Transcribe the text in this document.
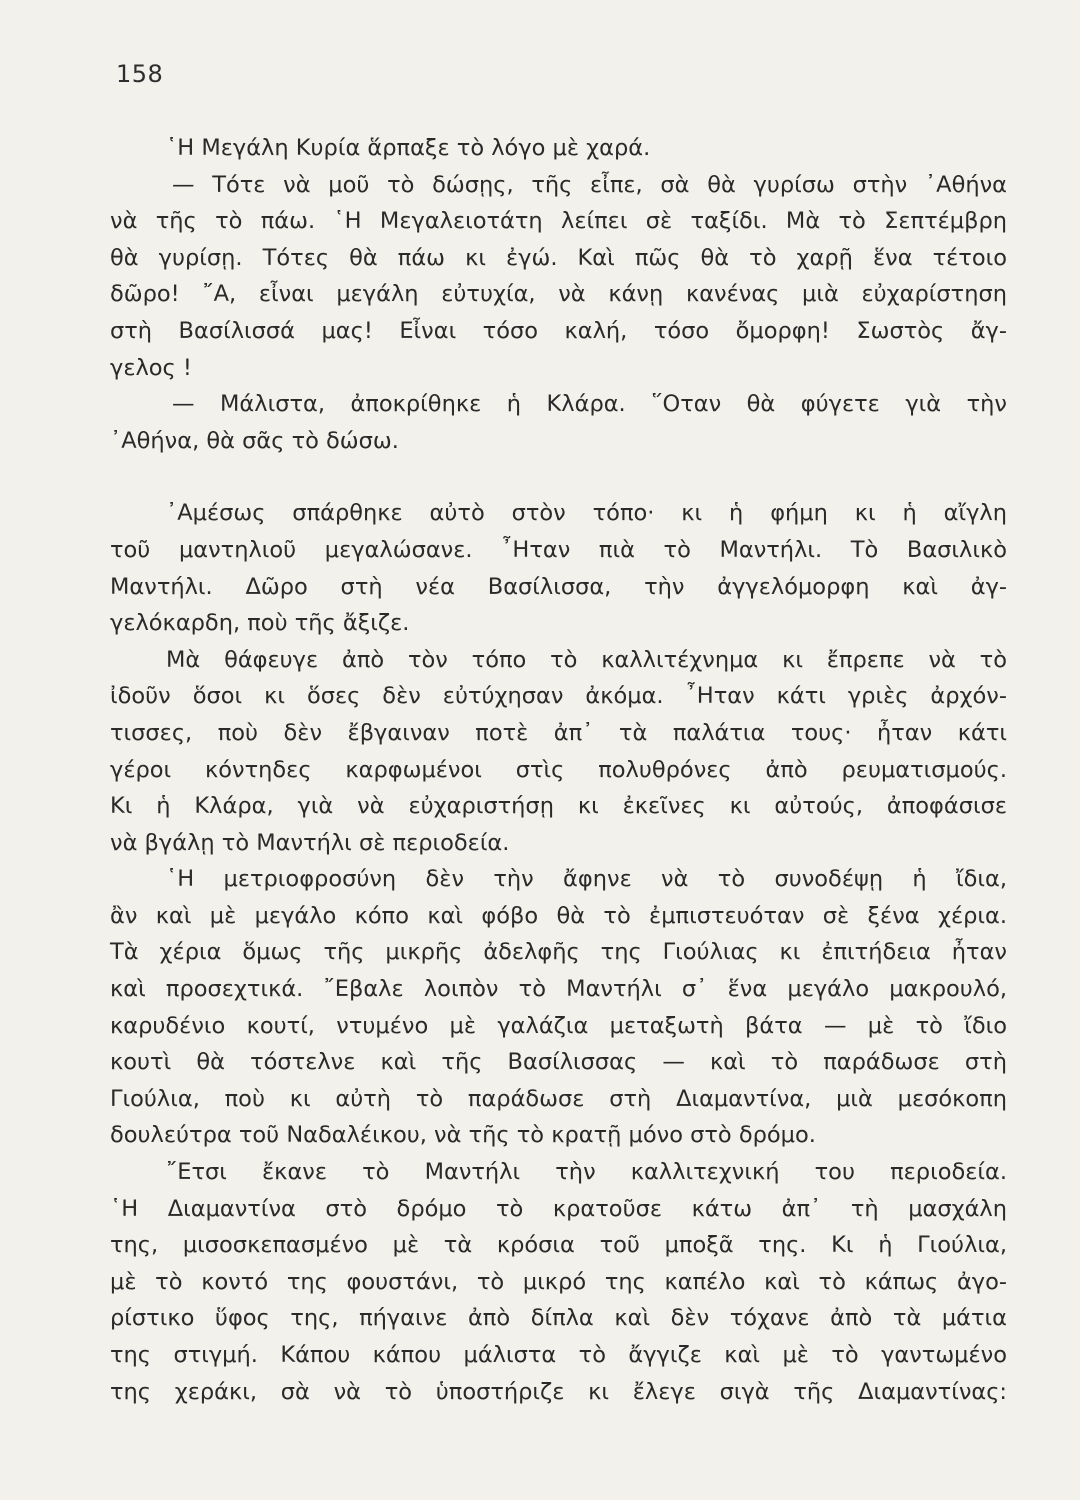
158
῾Η Μεγάλη Κυρία ἅρπαξε τὸ λόγο μὲ χαρά.
— Τότε νὰ μοῦ τὸ δώσῃς, τῆς εἶπε, σὰ θὰ γυρίσω στὴν ᾿Αθήνα
νὰ τῆς τὸ πάω. ῾Η Μεγαλειοτάτη λείπει σὲ ταξίδι. Μὰ τὸ Σεπτέμβρη
θὰ γυρίσῃ. Τότες θὰ πάω κι ἐγώ. Καὶ πῶς θὰ τὸ χαρῇ ἕνα τέτοιο
δῶρο! ῎Α, εἶναι μεγάλη εὐτυχία, νὰ κάνῃ κανένας μιὰ εὐχαρίστηση
στὴ Βασίλισσά μας! Εἶναι τόσο καλή, τόσο ὄμορφη! Σωστὸς ἄγ-
γελος !
— Μάλιστα, ἀποκρίθηκε ἡ Κλάρα. ῞Οταν θὰ φύγετε γιὰ τὴν
᾿Αθήνα, θὰ σᾶς τὸ δώσω.
᾿Αμέσως σπάρθηκε αὐτὸ στὸν τόπο· κι ἡ φήμη κι ἡ αἴγλη
τοῦ μαντηλιοῦ μεγαλώσανε. ῏Ηταν πιὰ τὸ Μαντήλι. Τὸ Βασιλικὸ
Μαντήλι. Δῶρο στὴ νέα Βασίλισσα, τὴν ἀγγελόμορφη καὶ ἀγ-
γελόκαρδη, ποὺ τῆς ἄξιζε.
Μὰ θάφευγε ἀπὸ τὸν τόπο τὸ καλλιτέχνημα κι ἔπρεπε νὰ τὸ
ἰδοῦν ὅσοι κι ὅσες δὲν εὐτύχησαν ἀκόμα. ῏Ηταν κάτι γριὲς ἀρχόν-
τισσες, ποὺ δὲν ἔβγαιναν ποτὲ ἀπ᾿ τὰ παλάτια τους· ἦταν κάτι
γέροι κόντηδες καρφωμένοι στὶς πολυθρόνες ἀπὸ ρευματισμούς.
Κι ἡ Κλάρα, γιὰ νὰ εὐχαριστήσῃ κι ἐκεῖνες κι αὐτούς, ἀποφάσισε
νὰ βγάλῃ τὸ Μαντήλι σὲ περιοδεία.
῾Η μετριοφροσύνη δὲν τὴν ἄφηνε νὰ τὸ συνοδέψῃ ἡ ἴδια,
ἂν καὶ μὲ μεγάλο κόπο καὶ φόβο θὰ τὸ ἐμπιστευόταν σὲ ξένα χέρια.
Τὰ χέρια ὅμως τῆς μικρῆς ἀδελφῆς της Γιούλιας κι ἐπιτήδεια ἦταν
καὶ προσεχτικά. ῎Εβαλε λοιπὸν τὸ Μαντήλι σ᾿ ἕνα μεγάλο μακρουλό,
καρυδένιο κουτί, ντυμένο μὲ γαλάζια μεταξωτὴ βάτα — μὲ τὸ ἴδιο
κουτὶ θὰ τόστελνε καὶ τῆς Βασίλισσας — καὶ τὸ παράδωσε στὴ
Γιούλια, ποὺ κι αὐτὴ τὸ παράδωσε στὴ Διαμαντίνα, μιὰ μεσόκοπη
δουλεύτρα τοῦ Ναδαλέικου, νὰ τῆς τὸ κρατῇ μόνο στὸ δρόμο.
῎Ετσι ἔκανε τὸ Μαντήλι τὴν καλλιτεχνική του περιοδεία.
῾Η Διαμαντίνα στὸ δρόμο τὸ κρατοῦσε κάτω ἀπ᾿ τὴ μασχάλη
της, μισοσκεπασμένο μὲ τὰ κρόσια τοῦ μποξᾶ της. Κι ἡ Γιούλια,
μὲ τὸ κοντό της φουστάνι, τὸ μικρό της καπέλο καὶ τὸ κάπως ἀγο-
ρίστικο ὕφος της, πήγαινε ἀπὸ δίπλα καὶ δὲν τόχανε ἀπὸ τὰ μάτια
της στιγμή. Κάπου κάπου μάλιστα τὸ ἄγγιζε καὶ μὲ τὸ γαντωμένο
της χεράκι, σὰ νὰ τὸ ὑποστήριζε κι ἔλεγε σιγὰ τῆς Διαμαντίνας:
